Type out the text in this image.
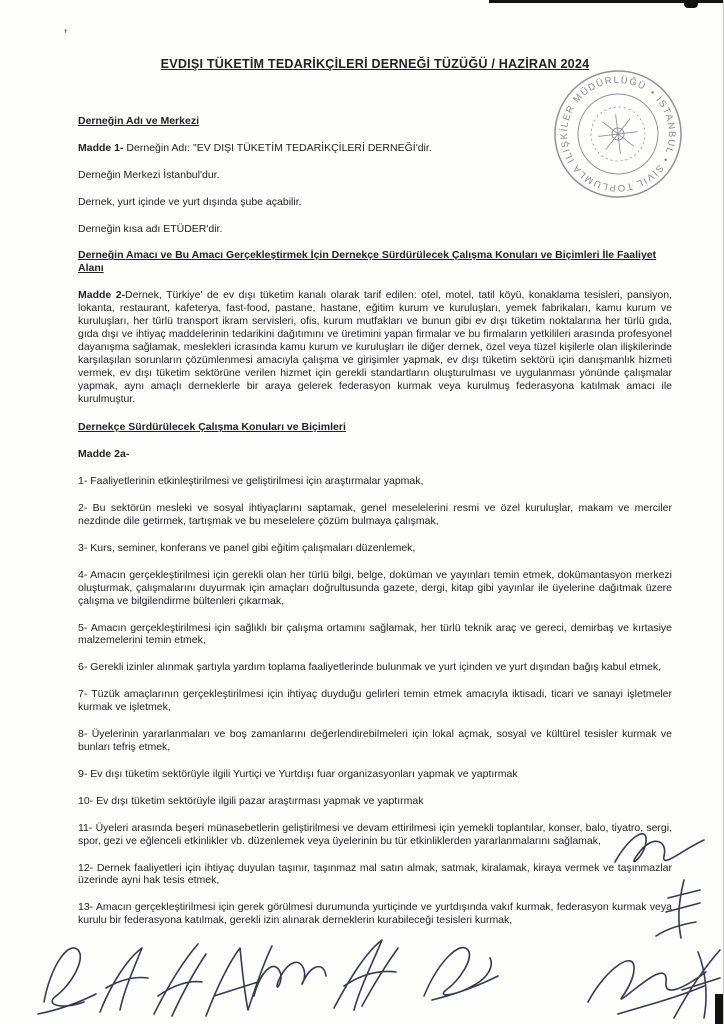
’
EVDIŞI TÜKETİM TEDARİKÇİLERİ DERNEĞİ TÜZÜĞÜ / HAZİRAN 2024
Derneğin Adı ve Merkezi

Madde 1- Derneğin Adı: "EV DIŞI TÜKETİM TEDARİKÇİLERİ DERNEĞİ'dir.

Derneğin Merkezi İstanbul'dur.

Dernek, yurt içinde ve yurt dışında şube açabilir.

Derneğin kısa adı ETÜDER'dir.

Derneğin Amacı ve Bu Amacı Gerçekleştirmek İçin Dernekçe Sürdürülecek Çalışma Konuları ve Biçimleri İle Faaliyet Alanı

Madde 2-Dernek, Türkiye' de ev dışı tüketim kanalı olarak tarif edilen: otel, motel, tatil köyü, konaklama tesisleri, pansiyon, lokanta, restaurant, kafeterya, fast-food, pastane, hastane, eğitim kurum ve kuruluşları, yemek fabrikaları, kamu kurum ve kuruluşları, her türlü transport ikram servisleri, ofis, kurum mutfakları ve bunun gibi ev dışı tüketim noktalarına her türlü gıda, gıda dışı ve ihtiyaç maddelerinin tedarikini dağıtımını ve üretimini yapan firmalar ve bu firmaların yetkilileri arasında profesyonel dayanışma sağlamak, meslekleri icrasında kamu kurum ve kuruluşları ile diğer dernek, özel veya tüzel kişilerle olan ilişkilerinde karşılaşılan sorunların çözümlenmesi amacıyla çalışma ve girişimler yapmak, ev dışı tüketim sektörü için danışmanlık hizmeti vermek, ev dışı tüketim sektörüne verilen hizmet için gerekli standartların oluşturulması ve uygulanması yönünde çalışmalar yapmak, aynı amaçlı derneklerle bir araya gelerek federasyon kurmak veya kurulmuş federasyona katılmak amacı ile kurulmuştur.

Dernekçe Sürdürülecek Çalışma Konuları ve Biçimleri

Madde 2a-

1- Faaliyetlerinin etkinleştirilmesi ve geliştirilmesi için araştırmalar yapmak,

2- Bu sektörün mesleki ve sosyal ihtiyaçlarını saptamak, genel meselelerini resmi ve özel kuruluşlar, makam ve merciler nezdinde dile getirmek, tartışmak ve bu meselelere çözüm bulmaya çalışmak,

3- Kurs, seminer, konferans ve panel gibi eğitim çalışmaları düzenlemek,

4- Amacın gerçekleştirilmesi için gerekli olan her türlü bilgi, belge, doküman ve yayınları temin etmek, dokümantasyon merkezi oluşturmak, çalışmalarını duyurmak için amaçları doğrultusunda gazete, dergi, kitap gibi yayınlar ile üyelerine dağıtmak üzere çalışma ve bilgilendirme bültenleri çıkarmak,

5- Amacın gerçekleştirilmesi için sağlıklı bir çalışma ortamını sağlamak, her türlü teknik araç ve gereci, demirbaş ve kırtasiye malzemelerini temin etmek,

6- Gerekli izinler alınmak şartıyla yardım toplama faaliyetlerinde bulunmak ve yurt içinden ve yurt dışından bağış kabul etmek,

7- Tüzük amaçlarının gerçekleştirilmesi için ihtiyaç duyduğu gelirleri temin etmek amacıyla iktisadi, ticari ve sanayi işletmeler kurmak ve işletmek,

8- Üyelerinin yararlanmaları ve boş zamanlarını değerlendirebilmeleri için lokal açmak, sosyal ve kültürel tesisler kurmak ve bunları tefriş etmek,

9- Ev dışı tüketim sektörüyle ilgili Yurtiçi ve Yurtdışı fuar organizasyonları yapmak ve yaptırmak

10- Ev dışı tüketim sektörüyle ilgili pazar araştırması yapmak ve yaptırmak

11- Üyeleri arasında beşeri münasebetlerin geliştirilmesi ve devam ettirilmesi için yemekli toplantılar, konser, balo, tiyatro, sergi, spor, gezi ve eğlenceli etkinlikler vb. düzenlemek veya üyelerinin bu tür etkinliklerden yararlanmalarını sağlamak,

12- Dernek faaliyetleri için ihtiyaç duyulan taşınır, taşınmaz mal satın almak, satmak, kiralamak, kiraya vermek ve taşınmazlar üzerinde ayni hak tesis etmek,

13- Amacın gerçekleştirilmesi için gerek görülmesi durumunda yurtiçinde ve yurtdışında vakıf kurmak, federasyon kurmak veya kurulu bir federasyona katılmak, gerekli izin alınarak derneklerin kurabileceği tesisleri kurmak,

• İSTANBUL • SİVİL TOPLUMLA İLİŞKİLER MÜDÜRLÜĞÜ
